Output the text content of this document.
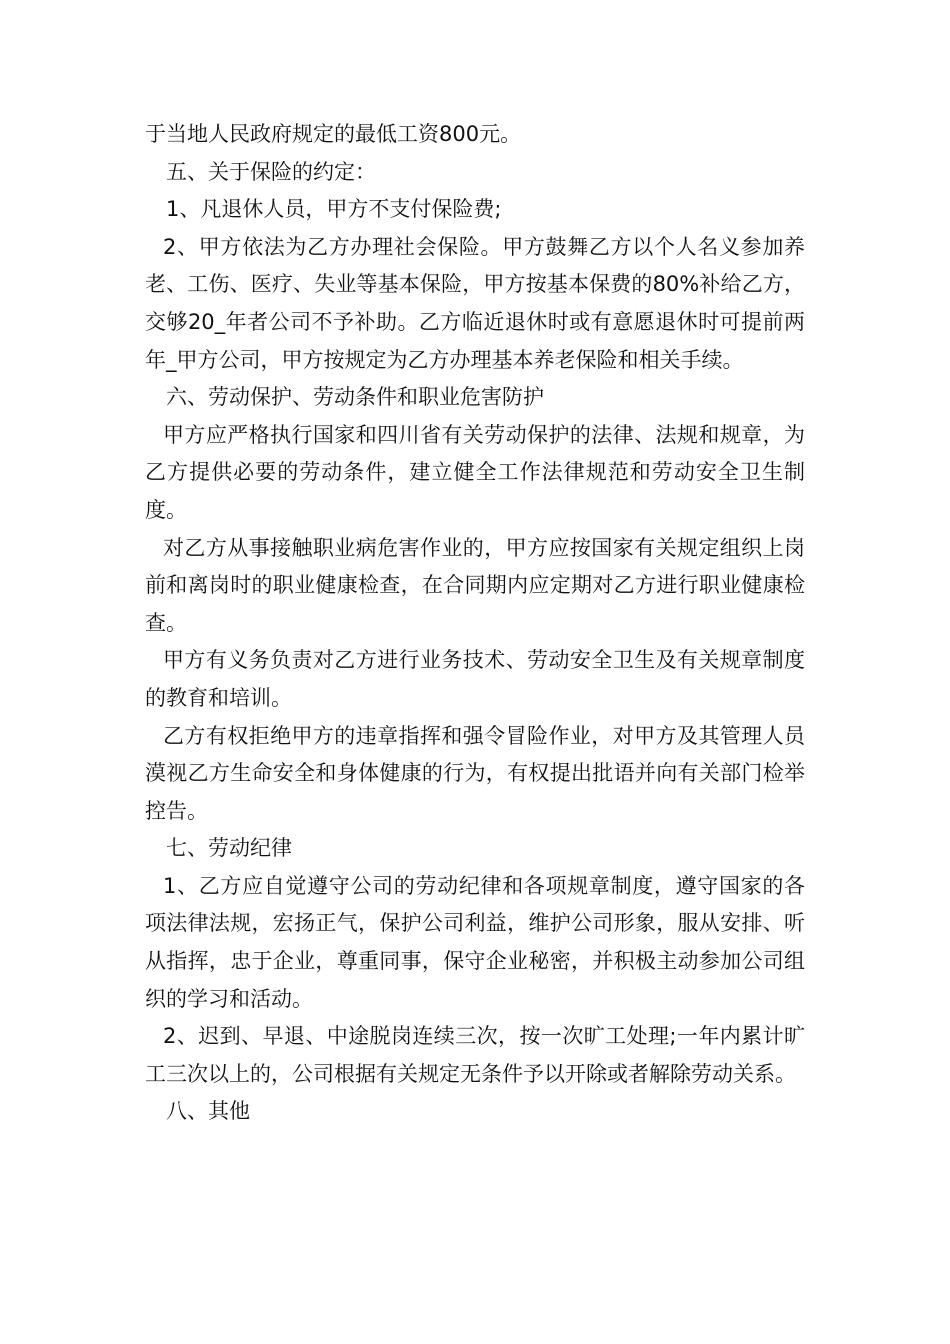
于当地人民政府规定的最低工资800元。

五、关于保险的约定：

1、凡退休人员，甲方不支付保险费;

2、甲方依法为乙方办理社会保险。甲方鼓舞乙方以个人名义参加养老、工伤、医疗、失业等基本保险，甲方按基本保费的80%补给乙方，交够20_年者公司不予补助。乙方临近退休时或有意愿退休时可提前两年_甲方公司，甲方按规定为乙方办理基本养老保险和相关手续。

六、劳动保护、劳动条件和职业危害防护

甲方应严格执行国家和四川省有关劳动保护的法律、法规和规章，为乙方提供必要的劳动条件，建立健全工作法律规范和劳动安全卫生制度。

对乙方从事接触职业病危害作业的，甲方应按国家有关规定组织上岗前和离岗时的职业健康检查，在合同期内应定期对乙方进行职业健康检查。

甲方有义务负责对乙方进行业务技术、劳动安全卫生及有关规章制度的教育和培训。

乙方有权拒绝甲方的违章指挥和强令冒险作业，对甲方及其管理人员漠视乙方生命安全和身体健康的行为，有权提出批语并向有关部门检举控告。

七、劳动纪律

1、乙方应自觉遵守公司的劳动纪律和各项规章制度，遵守国家的各项法律法规，宏扬正气，保护公司利益，维护公司形象，服从安排、听从指挥，忠于企业，尊重同事，保守企业秘密，并积极主动参加公司组织的学习和活动。

2、迟到、早退、中途脱岗连续三次，按一次旷工处理;一年内累计旷工三次以上的，公司根据有关规定无条件予以开除或者解除劳动关系。

八、其他
